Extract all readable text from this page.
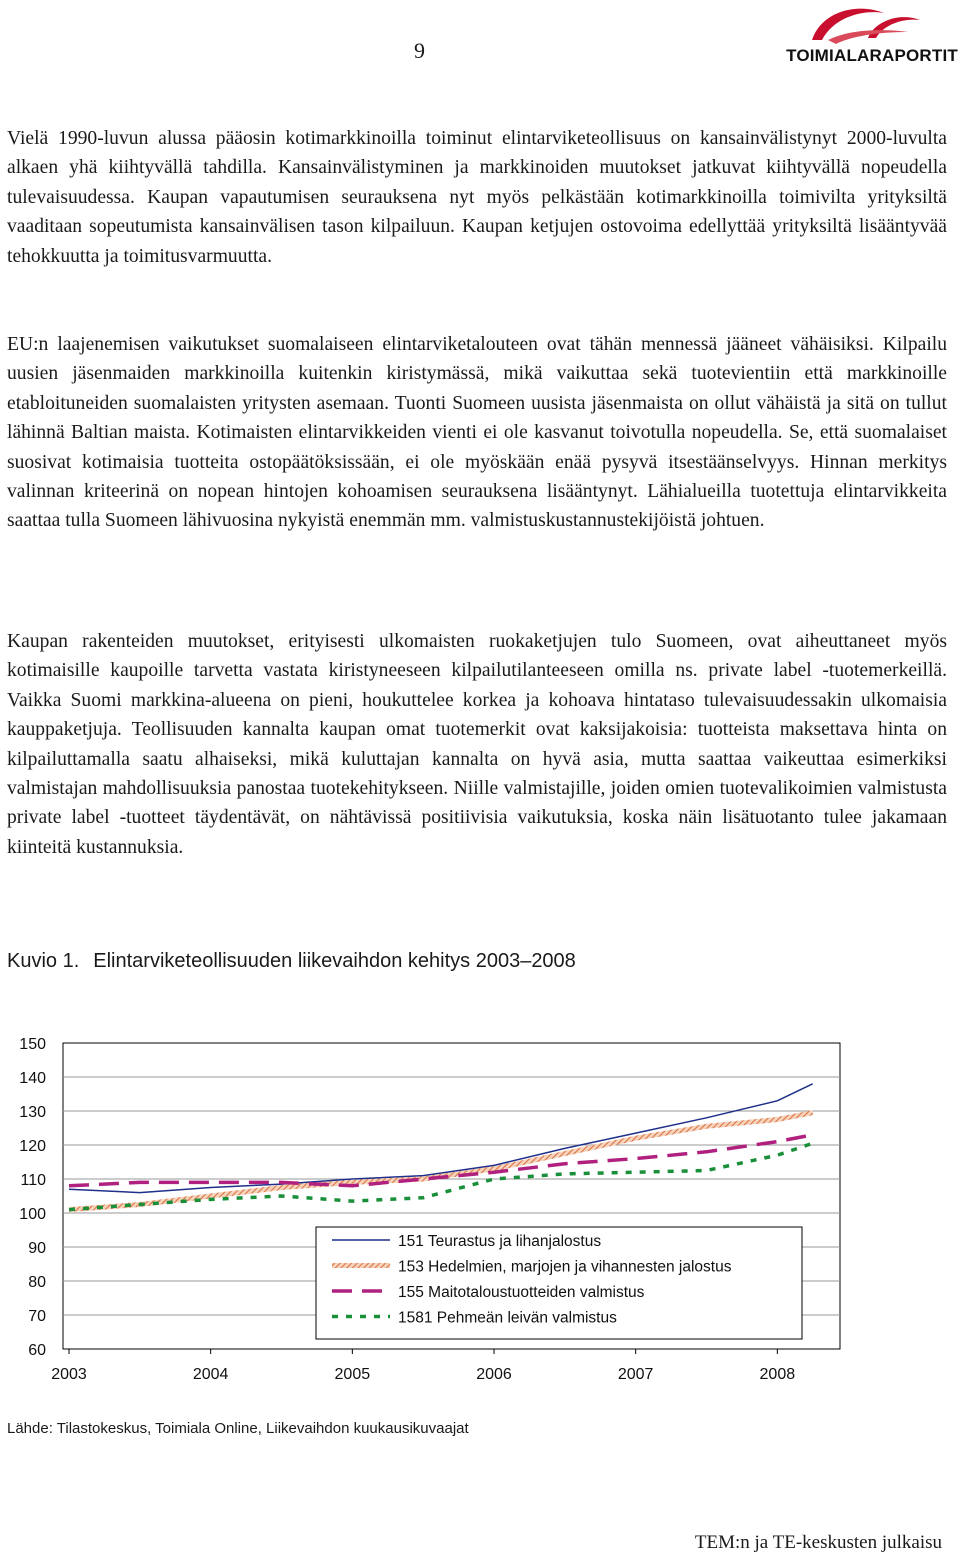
9	TOIMIALARAPORTIT

Vielä 1990-luvun alussa pääosin kotimarkkinoilla toiminut elintarviketeollisuus on kansainvälistynyt 2000-luvulta alkaen yhä kiihtyvällä tahdilla. Kansainvälistyminen ja markkinoiden muutokset jatkuvat kiihtyvällä nopeudella tulevaisuudessa. Kaupan vapautumisen seurauksena nyt myös pelkästään kotimarkkinoilla toimivilta yrityksiltä vaaditaan sopeutumista kansainvälisen tason kilpailuun. Kaupan ketjujen ostovoima edellyttää yrityksiltä lisääntyvää tehokkuutta ja toimitusvarmuutta.

EU:n laajenemisen vaikutukset suomalaiseen elintarviketalouteen ovat tähän mennessä jääneet vähäisiksi. Kilpailu uusien jäsenmaiden markkinoilla kuitenkin kiristymässä, mikä vaikuttaa sekä tuotevientiin että markkinoille etabloituneiden suomalaisten yritysten asemaan. Tuonti Suomeen uusista jäsenmaista on ollut vähäistä ja sitä on tullut lähinnä Baltian maista. Kotimaisten elintarvikkeiden vienti ei ole kasvanut toivotulla nopeudella. Se, että suomalaiset suosivat kotimaisia tuotteita ostopäätöksissään, ei ole myöskään enää pysyvä itsestäänselvyys. Hinnan merkitys valinnan kriteerinä on nopean hintojen kohoamisen seurauksena lisääntynyt. Lähialueilla tuotettuja elintarvikkeita saattaa tulla Suomeen lähivuosina nykyistä enemmän mm. valmistuskustannustekijöistä johtuen.

Kaupan rakenteiden muutokset, erityisesti ulkomaisten ruokaketjujen tulo Suomeen, ovat aiheuttaneet myös kotimaisille kaupoille tarvetta vastata kiristyneeseen kilpailutilanteeseen omilla ns. private label -tuotemerkeillä. Vaikka Suomi markkina-alueena on pieni, houkuttelee korkea ja kohoava hintataso tulevaisuudessakin ulkomaisia kauppaketjuja. Teollisuuden kannalta kaupan omat tuotemerkit ovat kaksijakoisia: tuotteista maksettava hinta on kilpailuttamalla saatu alhaiseksi, mikä kuluttajan kannalta on hyvä asia, mutta saattaa vaikeuttaa esimerkiksi valmistajan mahdollisuuksia panostaa tuotekehitykseen. Niille valmistajille, joiden omien tuotevalikoimien valmistusta private label -tuotteet täydentävät, on nähtävissä positiivisia vaikutuksia, koska näin lisätuotanto tulee jakamaan kiinteitä kustannuksia.

Kuvio 1. Elintarviketeollisuuden liikevaihdon kehitys 2003–2008
60
70
80
90
100
110
120
130
140
150
2003	2004	2005	2006	2007	2008
151 Teurastus ja lihanjalostus
153 Hedelmien, marjojen ja vihannesten jalostus
155 Maitotaloustuotteiden valmistus
1581 Pehmeän leivän valmistus
Lähde: Tilastokeskus, Toimiala Online, Liikevaihdon kuukausikuvaajat
TEM:n ja TE-keskusten julkaisu
